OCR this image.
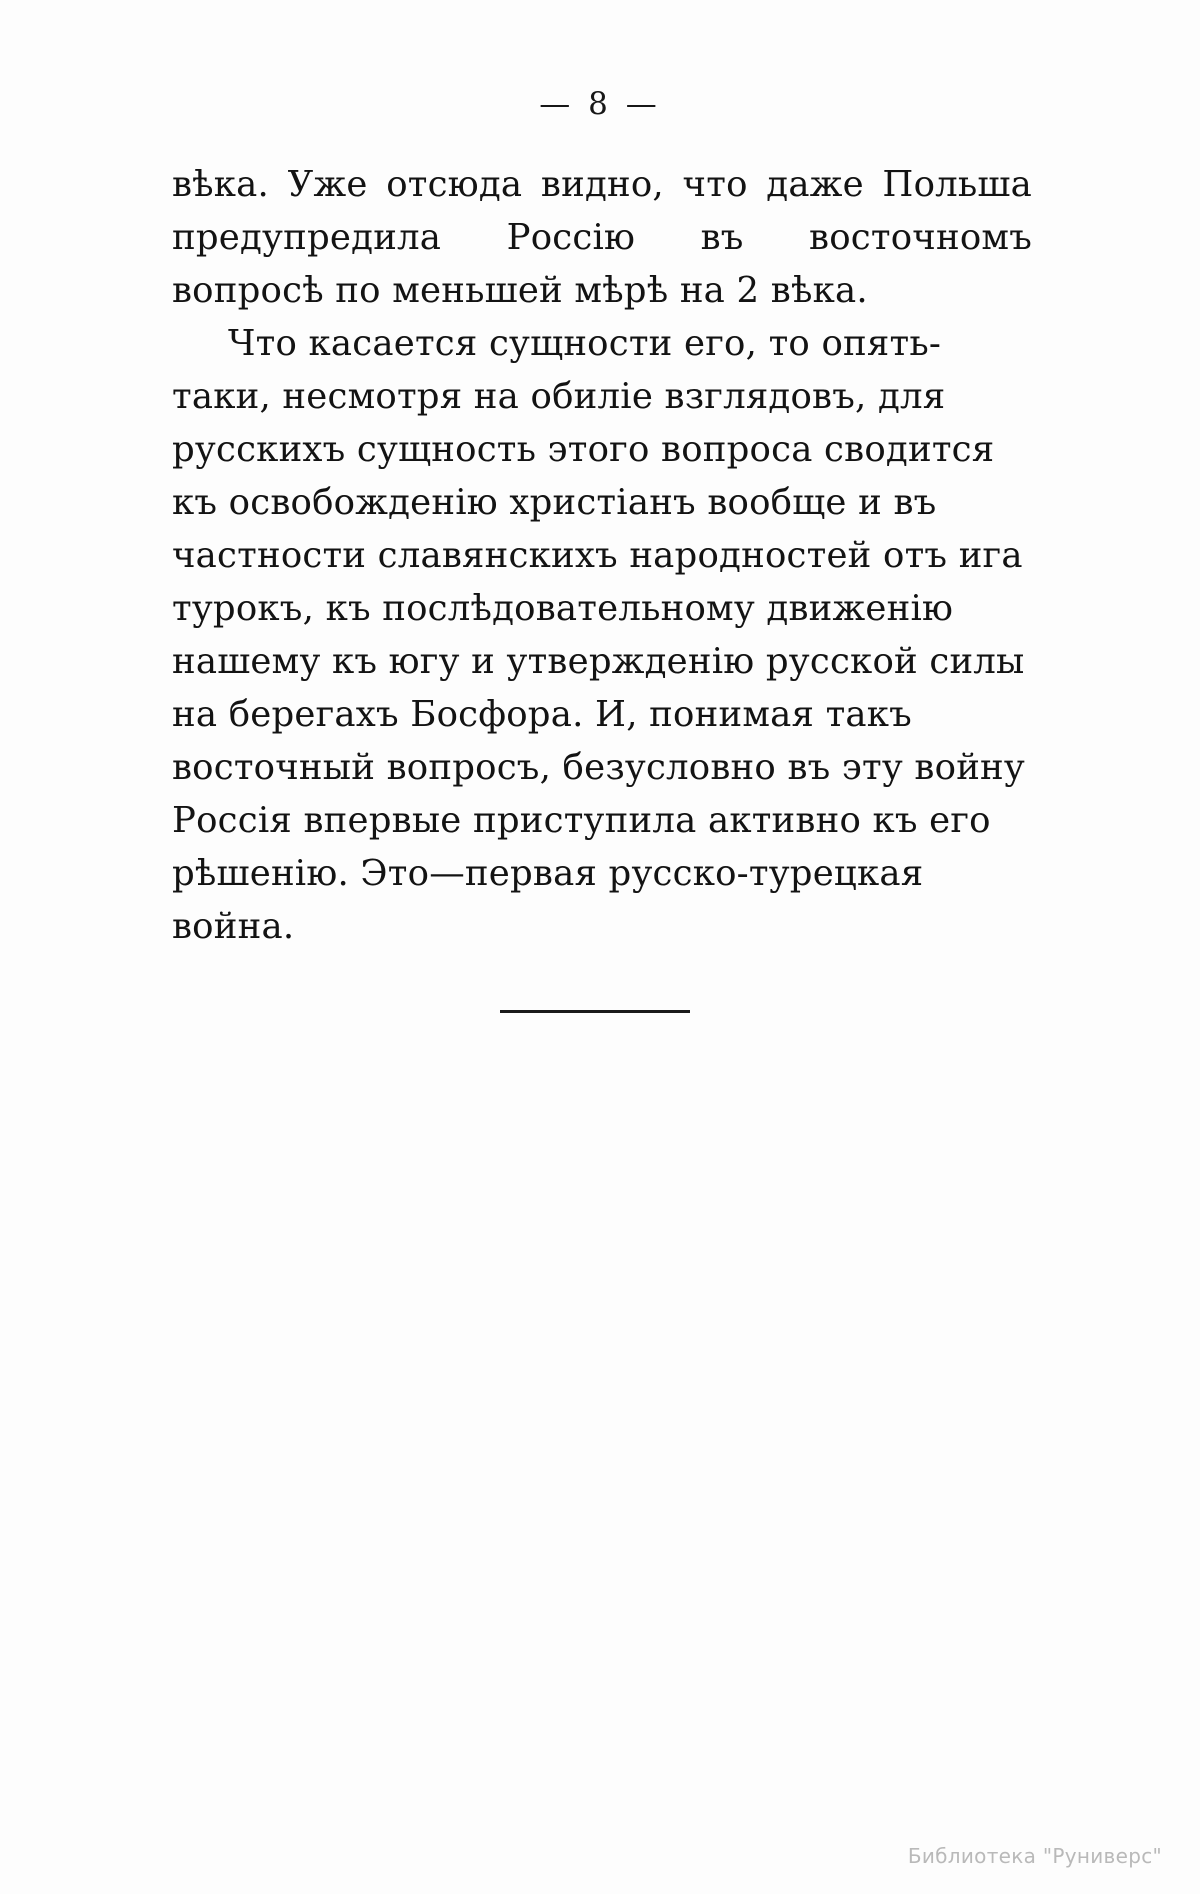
— 8 —

вѣка. Уже отсюда видно, что даже Польша предупредила Россію въ восточномъ вопросѣ по меньшей мѣрѣ на 2 вѣка.

Что касается сущности его, то опять-таки, несмотря на обиліе взглядовъ, для русскихъ сущность этого вопроса сводится къ освобожденію христіанъ вообще и въ частности славянскихъ народностей отъ ига турокъ, къ послѣдовательному движенію нашему къ югу и утвержденію русской силы на берегахъ Босфора. И, понимая такъ восточный вопросъ, безусловно въ эту войну Россія впервые приступила активно къ его рѣшенію. Это—первая русско-турецкая война.

Библиотека "Руниверс"
